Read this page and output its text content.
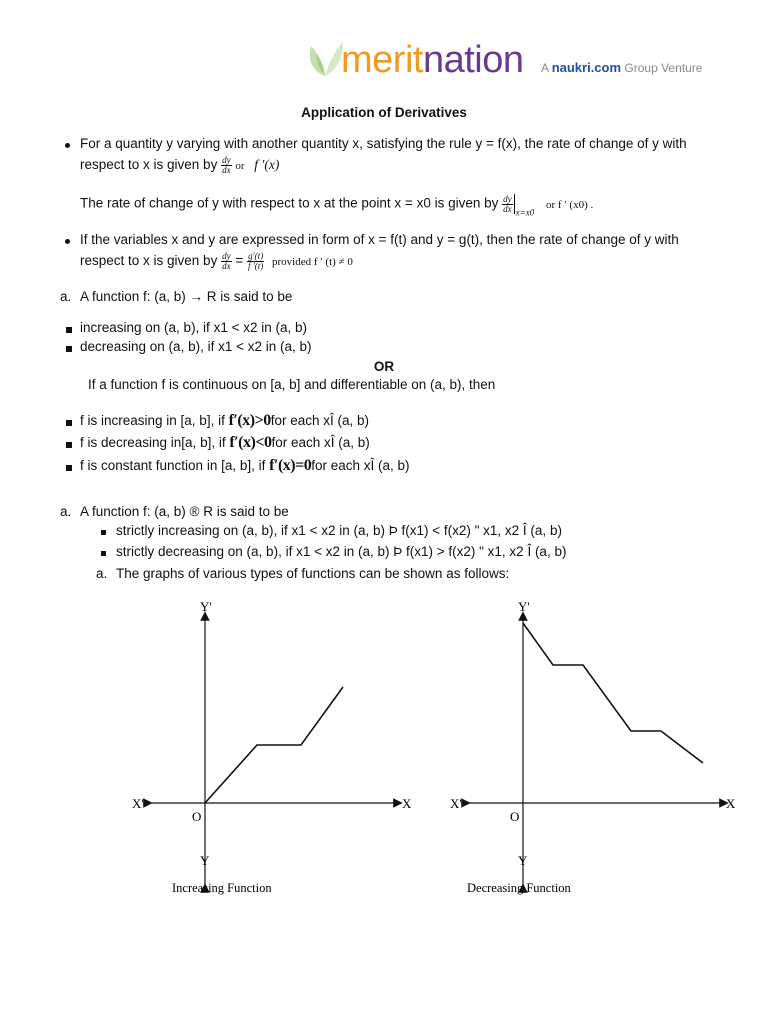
meritnation A naukri.com Group Venture
Application of Derivatives
For a quantity y varying with another quantity x, satisfying the rule y = f(x), the rate of change of y with
respect to x is given by $\frac{dy}{dx}$ or f ′(x)
The rate of change of y with respect to x at the point x = x0 is given by $\frac{dy}{dx} _{x=x0}$ or f ′ (x0) .
If the variables x and y are expressed in form of x = f(t) and y = g(t), then the rate of change of y with
respect to x is given by $\frac{dy}{dx} = \frac{g'(t)}{f '(t)}$ provided f ′ (t) ≠ 0
a. A function f: (a, b) → R is said to be
increasing on (a, b), if x1 < x2 in (a, b)
decreasing on (a, b), if x1 < x2 in (a, b)
OR
If a function f is continuous on [a, b] and differentiable on (a, b), then
f is increasing in [a, b], if f′(x)>0for each xÎ (a, b)
f is decreasing in[a, b], if f′(x)<0for each xÎ (a, b)
f is constant function in [a, b], if f′(x)=0for each xÎ (a, b)
a. A function f: (a, b) ® R is said to be
strictly increasing on (a, b), if x1 < x2 in (a, b) Þ f(x1) < f(x2) " x1, x2 Î (a, b)
strictly decreasing on (a, b), if x1 < x2 in (a, b) Þ f(x1) > f(x2) " x1, x2 Î (a, b)
a. The graphs of various types of functions can be shown as follows:
Y'
Y
X'	X
O
Increasing Function
Y'
Y
X'	X
O
Decreasing Function
